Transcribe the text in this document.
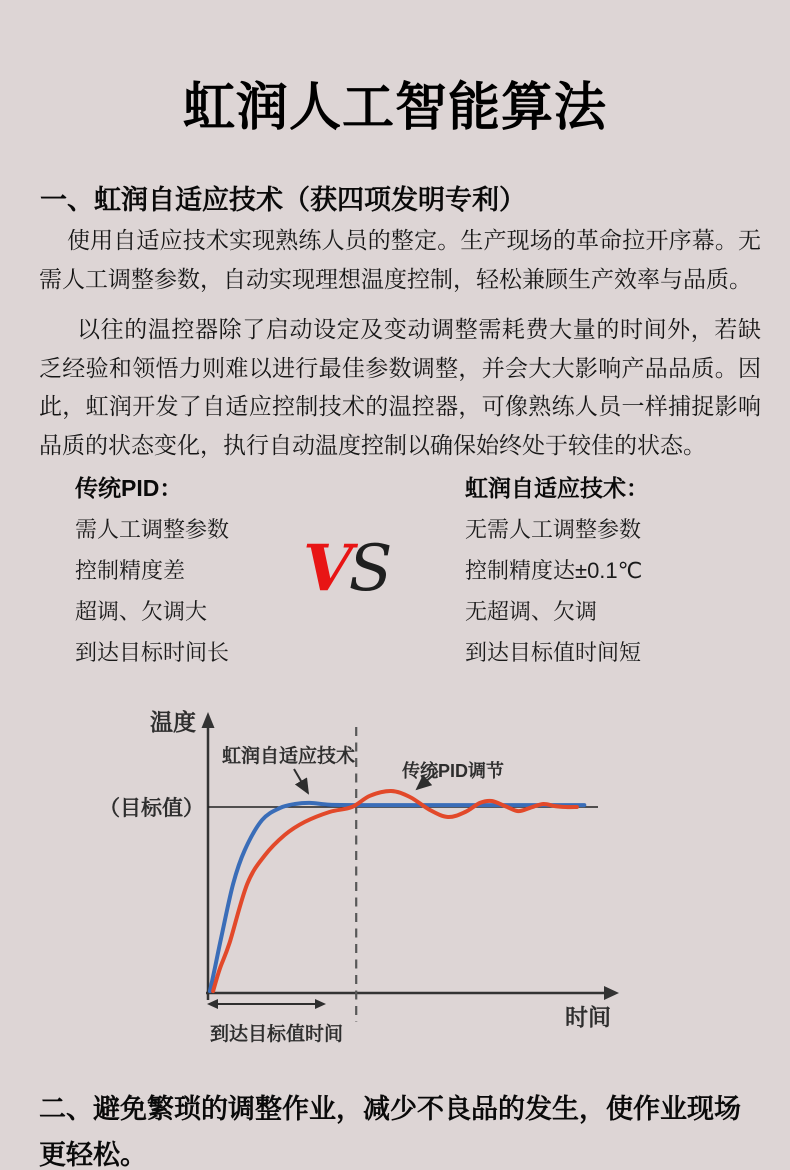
虹润人工智能算法
一、虹润自适应技术（获四项发明专利）
使用自适应技术实现熟练人员的整定。生产现场的革命拉开序幕。无需人工调整参数，自动实现理想温度控制，轻松兼顾生产效率与品质。
以往的温控器除了启动设定及变动调整需耗费大量的时间外，若缺乏经验和领悟力则难以进行最佳参数调整，并会大大影响产品品质。因此，虹润开发了自适应控制技术的温控器，可像熟练人员一样捕捉影响品质的状态变化，执行自动温度控制以确保始终处于较佳的状态。
传统PID：
需人工调整参数
控制精度差
超调、欠调大
到达目标时间长
VS
虹润自适应技术：
无需人工调整参数
控制精度达±0.1℃
无超调、欠调
到达目标值时间短
温度
（目标值）
虹润自适应技术
传统PID调节
时间
到达目标值时间
二、避免繁琐的调整作业，减少不良品的发生，使作业现场更轻松。
